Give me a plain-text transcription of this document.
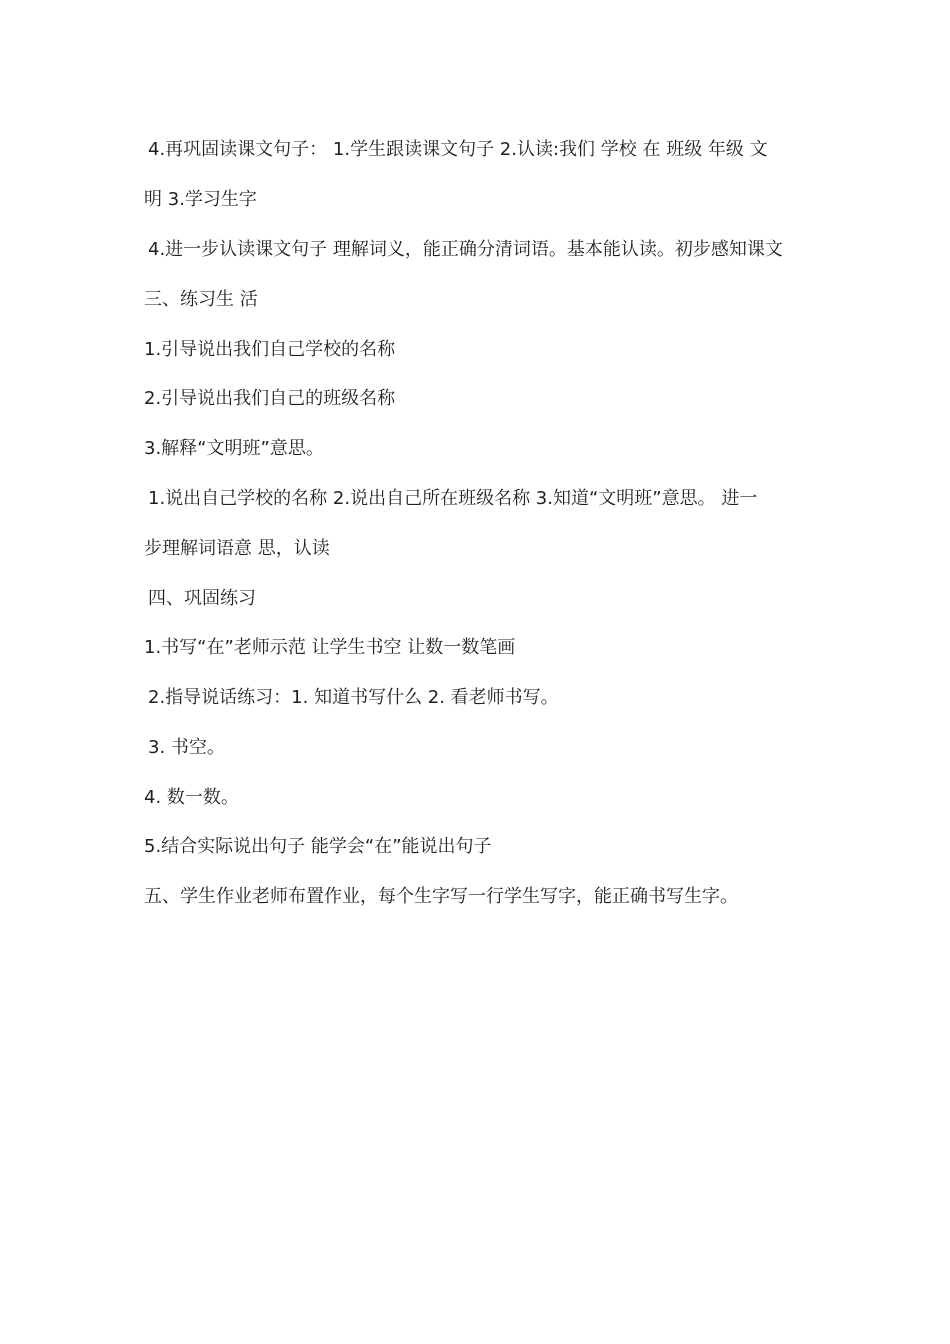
4.再巩固读课文句子： 1.学生跟读课文句子 2.认读:我们 学校 在 班级 年级 文
明 3.学习生字
4.进一步认读课文句子 理解词义，能正确分清词语。基本能认读。初步感知课文
三、练习生 活
1.引导说出我们自己学校的名称
2.引导说出我们自己的班级名称
3.解释“文明班”意思。
1.说出自己学校的名称 2.说出自己所在班级名称 3.知道“文明班”意思。 进一
步理解词语意 思，认读
四、巩固练习
1.书写“在”老师示范 让学生书空 让数一数笔画
2.指导说话练习：1. 知道书写什么 2. 看老师书写。
3. 书空。
4. 数一数。
5.结合实际说出句子 能学会“在”能说出句子
五、学生作业老师布置作业，每个生字写一行学生写字，能正确书写生字。
